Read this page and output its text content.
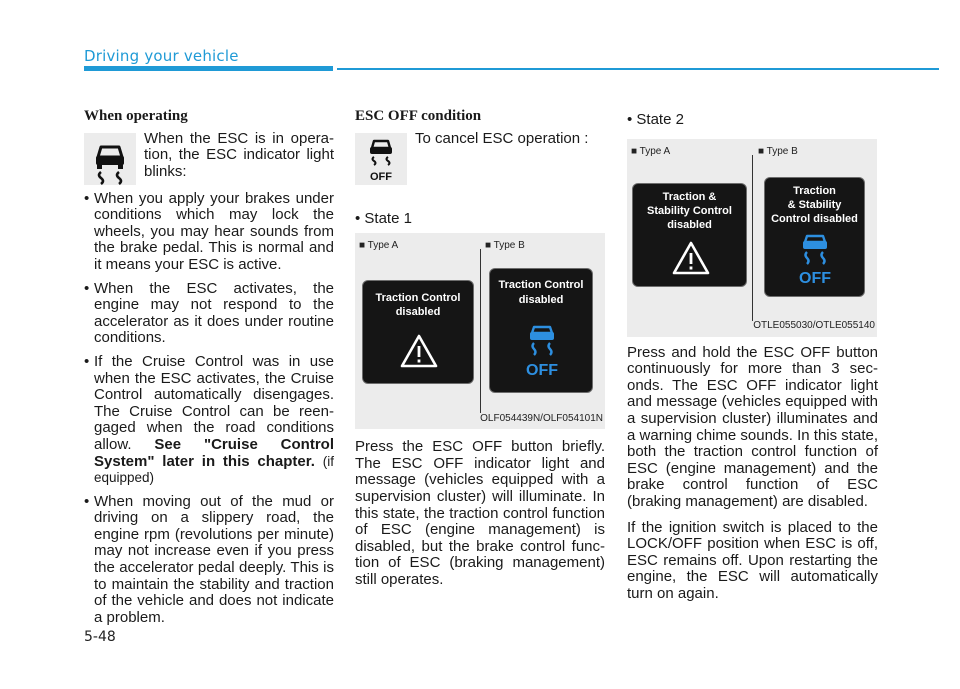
Driving your vehicle
When operating
When the ESC is in operation, the ESC indicator light blinks:
• When you apply your brakes under conditions which may lock the wheels, you may hear sounds from the brake pedal. This is normal and it means your ESC is active.
• When the ESC activates, the engine may not respond to the accelerator as it does under routine conditions.
• If the Cruise Control was in use when the ESC activates, the Cruise Control automatically disengages. The Cruise Control can be reengaged when the road conditions allow. See "Cruise Control System" later in this chapter. (if equipped)
• When moving out of the mud or driving on a slippery road, the engine rpm (revolutions per minute) may not increase even if you press the accelerator pedal deeply. This is to maintain the stability and traction of the vehicle and does not indicate a problem.
ESC OFF condition
OFF
To cancel ESC operation :
• State 1
■ Type A	■ Type B
Traction Control
disabled
Traction Control
disabled
OFF
OLF054439N/OLF054101N
Press the ESC OFF button briefly. The ESC OFF indicator light and message (vehicles equipped with a supervision cluster) will illuminate. In this state, the traction control function of ESC (engine management) is disabled, but the brake control function of ESC (braking management) still operates.
• State 2
■ Type A	■ Type B
Traction &
Stability Control
disabled
Traction
& Stability
Control disabled
OFF
OTLE055030/OTLE055140
Press and hold the ESC OFF button continuously for more than 3 seconds. The ESC OFF indicator light and message (vehicles equipped with a supervision cluster) illuminates and a warning chime sounds. In this state, both the traction control function of ESC (engine management) and the brake control function of ESC (braking management) are disabled.
If the ignition switch is placed to the LOCK/OFF position when ESC is off, ESC remains off. Upon restarting the engine, the ESC will automatically turn on again.
5-48
